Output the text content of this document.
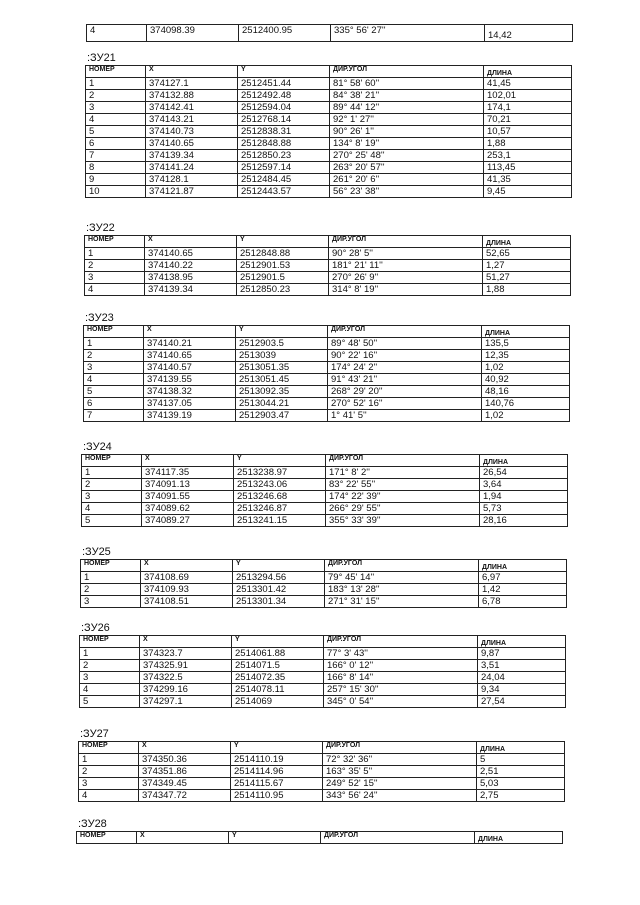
4	374098.39	2512400.95	335° 56' 27''	14,42
:ЗУ21
НОМЕР	X	Y	ДИР.УГОЛ	ДЛИНА
1	374127.1	2512451.44	81° 58' 60''	41,45
2	374132.88	2512492.48	84° 38' 21''	102,01
3	374142.41	2512594.04	89° 44' 12''	174,1
4	374143.21	2512768.14	92° 1' 27''	70,21
5	374140.73	2512838.31	90° 26' 1''	10,57
6	374140.65	2512848.88	134° 8' 19''	1,88
7	374139.34	2512850.23	270° 25' 48''	253,1
8	374141.24	2512597.14	263° 20' 57''	113,45
9	374128.1	2512484.45	261° 20' 6''	41,35
10	374121.87	2512443.57	56° 23' 38''	9,45
:ЗУ22
НОМЕР	X	Y	ДИР.УГОЛ	ДЛИНА
1	374140.65	2512848.88	90° 28' 5''	52,65
2	374140.22	2512901.53	181° 21' 11''	1,27
3	374138.95	2512901.5	270° 26' 9''	51,27
4	374139.34	2512850.23	314° 8' 19''	1,88
:ЗУ23
НОМЕР	X	Y	ДИР.УГОЛ	ДЛИНА
1	374140.21	2512903.5	89° 48' 50''	135,5
2	374140.65	2513039	90° 22' 16''	12,35
3	374140.57	2513051.35	174° 24' 2''	1,02
4	374139.55	2513051.45	91° 43' 21''	40,92
5	374138.32	2513092.35	268° 29' 20''	48,16
6	374137.05	2513044.21	270° 52' 16''	140,76
7	374139.19	2512903.47	1° 41' 5''	1,02
:ЗУ24
НОМЕР	X	Y	ДИР.УГОЛ	ДЛИНА
1	374117.35	2513238.97	171° 8' 2''	26,54
2	374091.13	2513243.06	83° 22' 55''	3,64
3	374091.55	2513246.68	174° 22' 39''	1,94
4	374089.62	2513246.87	266° 29' 55''	5,73
5	374089.27	2513241.15	355° 33' 39''	28,16
:ЗУ25
НОМЕР	X	Y	ДИР.УГОЛ	ДЛИНА
1	374108.69	2513294.56	79° 45' 14''	6,97
2	374109.93	2513301.42	183° 13' 28''	1,42
3	374108.51	2513301.34	271° 31' 15''	6,78
:ЗУ26
НОМЕР	X	Y	ДИР.УГОЛ	ДЛИНА
1	374323.7	2514061.88	77° 3' 43''	9,87
2	374325.91	2514071.5	166° 0' 12''	3,51
3	374322.5	2514072.35	166° 8' 14''	24,04
4	374299.16	2514078.11	257° 15' 30''	9,34
5	374297.1	2514069	345° 0' 54''	27,54
:ЗУ27
НОМЕР	X	Y	ДИР.УГОЛ	ДЛИНА
1	374350.36	2514110.19	72° 32' 36''	5
2	374351.86	2514114.96	163° 35' 5''	2,51
3	374349.45	2514115.67	249° 52' 15''	5,03
4	374347.72	2514110.95	343° 56' 24''	2,75
:ЗУ28
НОМЕР	X	Y	ДИР.УГОЛ	ДЛИНА
